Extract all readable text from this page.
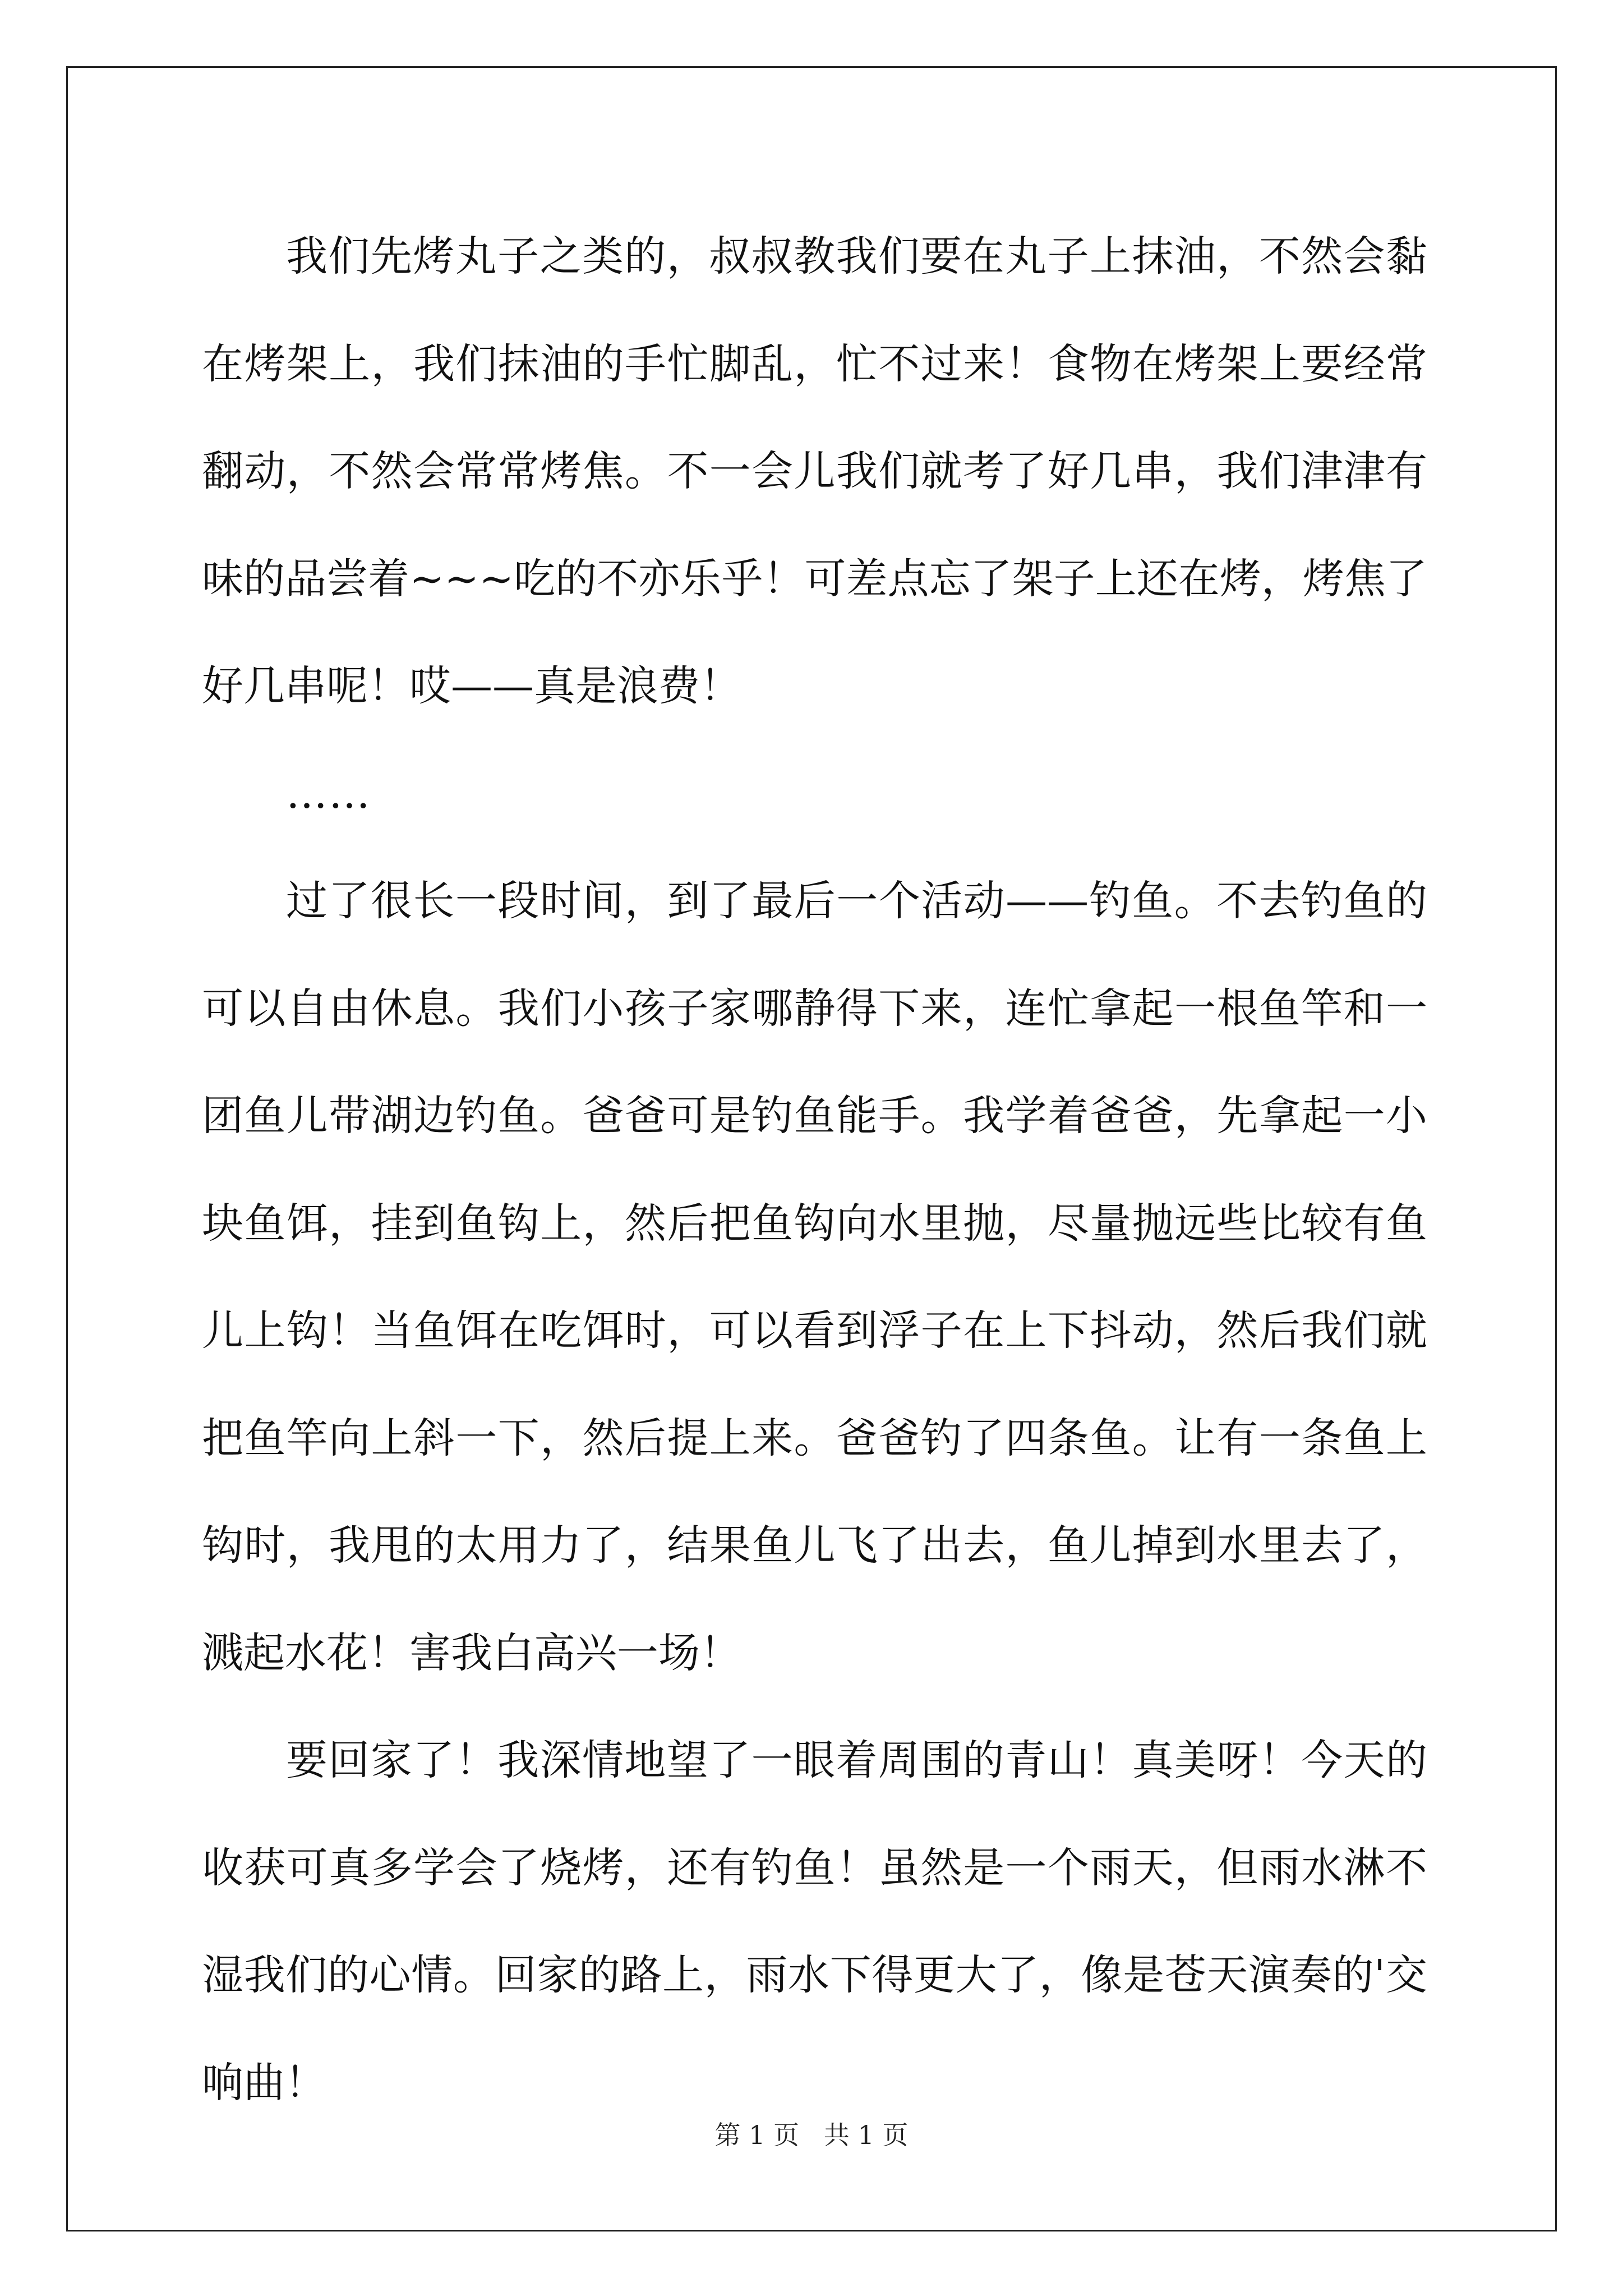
我们先烤丸子之类的，叔叔教我们要在丸子上抹油，不然会黏在烤架上，我们抹油的手忙脚乱，忙不过来！食物在烤架上要经常翻动，不然会常常烤焦。不一会儿我们就考了好几串，我们津津有味的品尝着~~~吃的不亦乐乎！可差点忘了架子上还在烤，烤焦了好几串呢！哎——真是浪费！

……

过了很长一段时间，到了最后一个活动——钓鱼。不去钓鱼的可以自由休息。我们小孩子家哪静得下来，连忙拿起一根鱼竿和一团鱼儿带湖边钓鱼。爸爸可是钓鱼能手。我学着爸爸，先拿起一小块鱼饵，挂到鱼钩上，然后把鱼钩向水里抛，尽量抛远些比较有鱼儿上钩！当鱼饵在吃饵时，可以看到浮子在上下抖动，然后我们就把鱼竿向上斜一下，然后提上来。爸爸钓了四条鱼。让有一条鱼上钩时，我甩的太用力了，结果鱼儿飞了出去，鱼儿掉到水里去了，溅起水花！害我白高兴一场！

要回家了！我深情地望了一眼着周围的青山！真美呀！今天的收获可真多学会了烧烤，还有钓鱼！虽然是一个雨天，但雨水淋不湿我们的心情。回家的路上，雨水下得更大了，像是苍天演奏的'交响曲！

第 1 页   共 1 页
